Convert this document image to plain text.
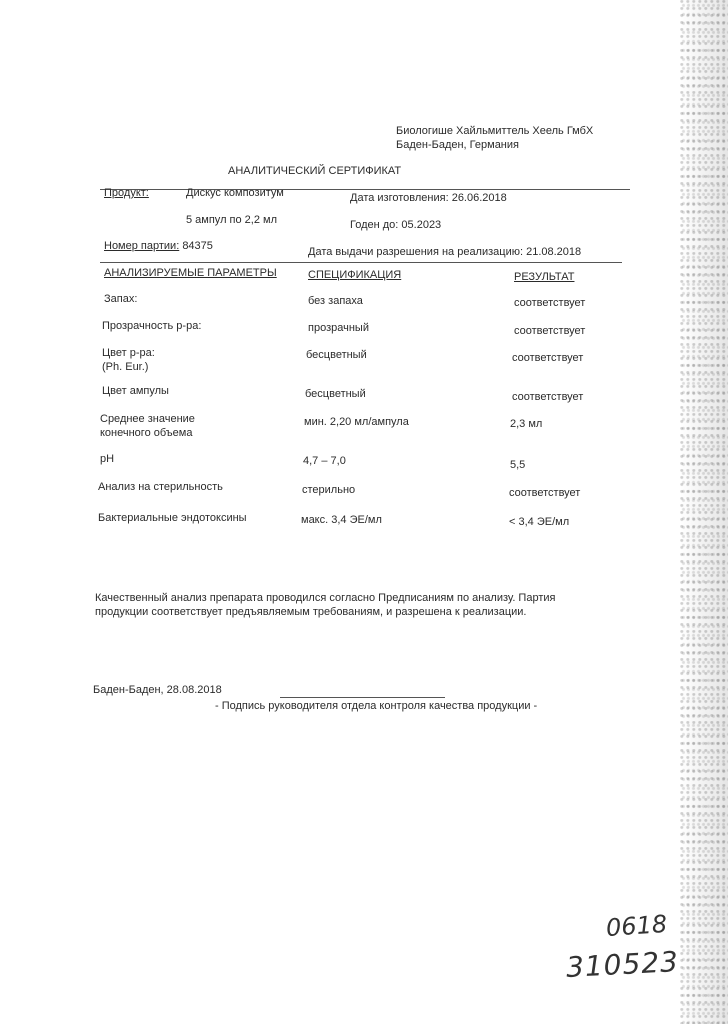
Биологише Хайльмиттель Хеель ГмбХ
Баден-Баден, Германия
АНАЛИТИЧЕСКИЙ СЕРТИФИКАТ
Продукт:	Дискус композитум	Дата изготовления: 26.06.2018
5 ампул по 2,2 мл	Годен до: 05.2023
Номер партии: 84375	Дата выдачи разрешения на реализацию: 21.08.2018
АНАЛИЗИРУЕМЫЕ ПАРАМЕТРЫ	СПЕЦИФИКАЦИЯ	РЕЗУЛЬТАТ
Запах:	без запаха	соответствует
Прозрачность р-ра:	прозрачный	соответствует
Цвет р-ра:
(Ph. Eur.)
бесцветный	соответствует
Цвет ампулы	бесцветный	соответствует
Среднее значение
конечного объема
мин. 2,20 мл/ампула	2,3 мл
pH	4,7 – 7,0	5,5
Анализ на стерильность	стерильно	соответствует
Бактериальные эндотоксины	макс. 3,4 ЭЕ/мл	< 3,4 ЭЕ/мл
Качественный анализ препарата проводился согласно Предписаниям по анализу. Партия
продукции соответствует предъявляемым требованиям, и разрешена к реализации.
Баден-Баден, 28.08.2018
- Подпись руководителя отдела контроля качества продукции -
0618
310523
